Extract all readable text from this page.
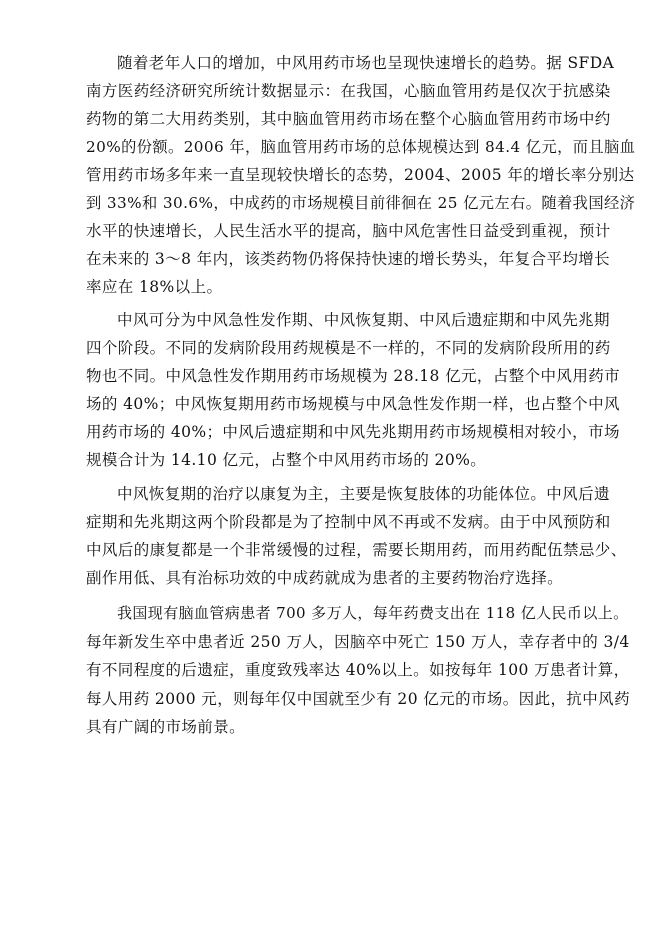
随着老年人口的增加，中风用药市场也呈现快速增长的趋势。据 SFDA
南方医药经济研究所统计数据显示：在我国，心脑血管用药是仅次于抗感染
药物的第二大用药类别，其中脑血管用药市场在整个心脑血管用药市场中约
20%的份额。2006 年，脑血管用药市场的总体规模达到 84.4 亿元，而且脑血
管用药市场多年来一直呈现较快增长的态势，2004、2005 年的增长率分别达
到 33%和 30.6%，中成药的市场规模目前徘徊在 25 亿元左右。随着我国经济
水平的快速增长，人民生活水平的提高，脑中风危害性日益受到重视，预计
在未来的 3～8 年内，该类药物仍将保持快速的增长势头，年复合平均增长
率应在 18%以上。
中风可分为中风急性发作期、中风恢复期、中风后遗症期和中风先兆期
四个阶段。不同的发病阶段用药规模是不一样的，不同的发病阶段所用的药
物也不同。中风急性发作期用药市场规模为 28.18 亿元，占整个中风用药市
场的 40%；中风恢复期用药市场规模与中风急性发作期一样，也占整个中风
用药市场的 40%；中风后遗症期和中风先兆期用药市场规模相对较小，市场
规模合计为 14.10 亿元，占整个中风用药市场的 20%。
中风恢复期的治疗以康复为主，主要是恢复肢体的功能体位。中风后遗
症期和先兆期这两个阶段都是为了控制中风不再或不发病。由于中风预防和
中风后的康复都是一个非常缓慢的过程，需要长期用药，而用药配伍禁忌少、
副作用低、具有治标功效的中成药就成为患者的主要药物治疗选择。
我国现有脑血管病患者 700 多万人，每年药费支出在 118 亿人民币以上。
每年新发生卒中患者近 250 万人，因脑卒中死亡 150 万人，幸存者中的 3/4
有不同程度的后遗症，重度致残率达 40%以上。如按每年 100 万患者计算，
每人用药 2000 元，则每年仅中国就至少有 20 亿元的市场。因此，抗中风药
具有广阔的市场前景。
